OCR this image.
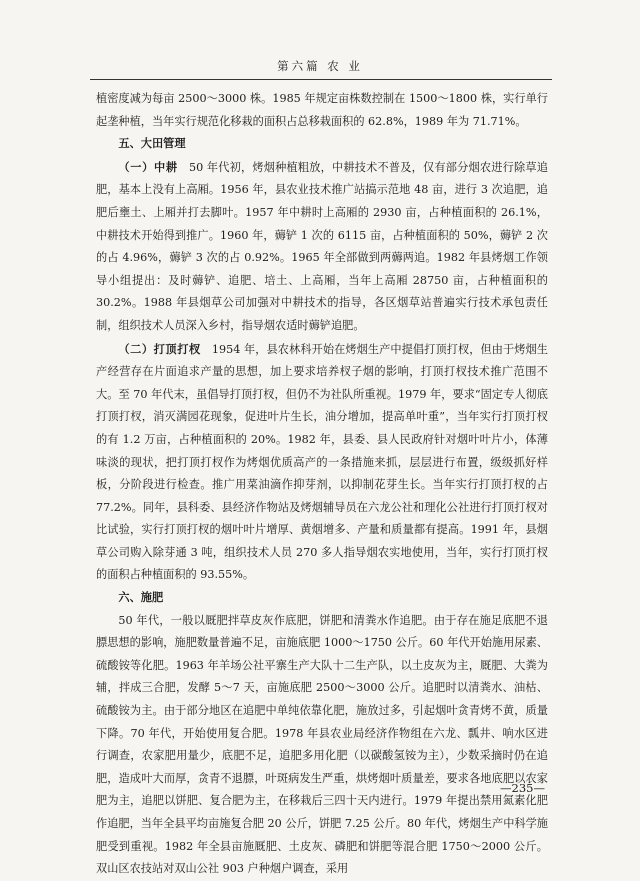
第六篇 农 业

植密度减为每亩 2500～3000 株。1985 年规定亩株数控制在 1500～1800 株，实行单行起垄种植，当年实行规范化移栽的面积占总移栽面积的 62.8%，1989 年为 71.71%。

五、大田管理

（一）中耕   50 年代初，烤烟种植粗放，中耕技术不普及，仅有部分烟农进行除草追肥，基本上没有上高厢。1956 年，县农业技术推广站搞示范地 48 亩，进行 3 次追肥，追肥后壅土、上厢并打去脚叶。1957 年中耕时上高厢的 2930 亩，占种植面积的 26.1%，中耕技术开始得到推广。1960 年，薅铲 1 次的 6115 亩，占种植面积的 50%，薅铲 2 次的占 4.96%，薅铲 3 次的占 0.92%。1965 年全部做到两薅两追。1982 年县烤烟工作领导小组提出：及时薅铲、追肥、培土、上高厢，当年上高厢 28750 亩，占种植面积的 30.2%。1988 年县烟草公司加强对中耕技术的指导，各区烟草站普遍实行技术承包责任制，组织技术人员深入乡村，指导烟农适时薅铲追肥。

（二）打顶打杈   1954 年，县农林科开始在烤烟生产中提倡打顶打杈，但由于烤烟生产经营存在片面追求产量的思想，加上要求培养杈子烟的影响，打顶打杈技术推广范围不大。至 70 年代末，虽倡导打顶打杈，但仍不为社队所重视。1979 年，要求“固定专人彻底打顶打杈，消灭满园花现象，促进叶片生长，油分增加，提高单叶重”，当年实行打顶打杈的有 1.2 万亩，占种植面积的 20%。1982 年，县委、县人民政府针对烟叶叶片小，体薄味淡的现状，把打顶打杈作为烤烟优质高产的一条措施来抓，层层进行布置，级级抓好样板，分阶段进行检查。推广用菜油滴作抑芽剂，以抑制花芽生长。当年实行打顶打杈的占 77.2%。同年，县科委、县经济作物站及烤烟辅导员在六龙公社和理化公社进行打顶打杈对比试验，实行打顶打杈的烟叶叶片增厚、黄烟增多、产量和质量都有提高。1991 年，县烟草公司购入除芽通 3 吨，组织技术人员 270 多人指导烟农实地使用，当年，实行打顶打杈的面积占种植面积的 93.55%。

六、施肥

50 年代，一般以厩肥拌草皮灰作底肥，饼肥和清粪水作追肥。由于存在施足底肥不退膘思想的影响，施肥数量普遍不足，亩施底肥 1000～1750 公斤。60 年代开始施用尿素、硫酸铵等化肥。1963 年羊场公社平寨生产大队十二生产队，以土皮灰为主，厩肥、大粪为辅，拌成三合肥，发酵 5～7 天，亩施底肥 2500～3000 公斤。追肥时以清粪水、油枯、硫酸铵为主。由于部分地区在追肥中单纯依靠化肥，施放过多，引起烟叶贪青烤不黄，质量下降。70 年代，开始使用复合肥。1978 年县农业局经济作物组在六龙、瓢井、响水区进行调查，农家肥用量少，底肥不足，追肥多用化肥（以碳酸氢铵为主），少数采摘时仍在追肥，造成叶大而厚，贪青不退膘，叶斑病发生严重，烘烤烟叶质量差，要求各地底肥以农家肥为主，追肥以饼肥、复合肥为主，在移栽后三四十天内进行。1979 年提出禁用氮素化肥作追肥，当年全县平均亩施复合肥 20 公斤，饼肥 7.25 公斤。80 年代，烤烟生产中科学施肥受到重视。1982 年全县亩施厩肥、土皮灰、磷肥和饼肥等混合肥 1750～2000 公斤。双山区农技站对双山公社 903 户种烟户调查，采用

—235—
